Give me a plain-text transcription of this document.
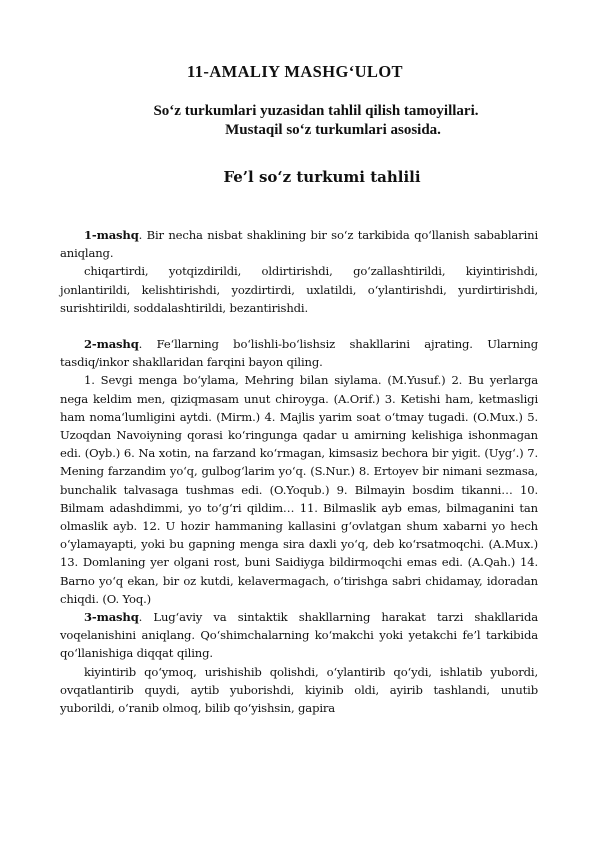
11-AMALIY MASHG‘ULOT
So‘z turkumlari yuzasidan tahlil qilish tamoyillari.
Mustaqil so‘z turkumlari asosida.
Fe’l so‘z turkumi tahlili

1-mashq. Bir necha nisbat shaklining bir so‘z tarkibida qo‘llanish sabablarini aniqlang.

chiqartirdi, yotqizdirildi, oldirtirishdi, go‘zallashtirildi, kiyintirishdi, jonlantirildi, kelishtirishdi, yozdirtirdi, uxlatildi, o‘ylantirishdi, yurdirtirishdi, surishtirildi, soddalashtirildi, bezantirishdi.

2-mashq. Fe‘llarning bo‘lishli-bo‘lishsiz shakllarini ajrating. Ularning tasdiq/inkor shakllaridan farqini bayon qiling.

1. Sevgi menga bo‘ylama, Mehring bilan siylama. (M.Yusuf.) 2. Bu yerlarga nega keldim men, qiziqmasam unut chiroyga. (A.Orif.) 3. Ketishi ham, ketmasligi ham noma‘lumligini aytdi. (Mirm.) 4. Majlis yarim soat o‘tmay tugadi. (O.Mux.) 5. Uzoqdan Navoiyning qorasi ko‘ringunga qadar u amirning kelishiga ishonmagan edi. (Oyb.) 6. Na xotin, na farzand ko‘rmagan, kimsasiz bechora bir yigit. (Uyg‘.) 7. Mening farzandim yo‘q, gulbog‘larim yo‘q. (S.Nur.) 8. Ertoyev bir nimani sezmasa, bunchalik talvasaga tushmas edi. (O.Yoqub.) 9. Bilmayin bosdim tikanni… 10. Bilmam adashdimmi, yo to‘g‘ri qildim… 11. Bilmaslik ayb emas, bilmaganini tan olmaslik ayb. 12. U hozir hammaning kallasini g‘ovlatgan shum xabarni yo hech o‘ylamayapti, yoki bu gapning menga sira daxli yo‘q, deb ko‘rsatmoqchi. (A.Mux.) 13. Domlaning yer olgani rost, buni Saidiyga bildirmoqchi emas edi. (A.Qah.) 14. Barno yo‘q ekan, bir oz kutdi, kelavermagach, o‘tirishga sabri chidamay, idoradan chiqdi. (O. Yoq.)

3-mashq. Lug‘aviy va sintaktik shakllarning harakat tarzi shakllarida voqelanishini aniqlang. Qo‘shimchalarning ko‘makchi yoki yetakchi fe’l tarkibida qo‘llanishiga diqqat qiling.

kiyintirib qo‘ymoq, urishishib qolishdi, o‘ylantirib qo‘ydi, ishlatib yubordi, ovqatlantirib quydi, aytib yuborishdi, kiyinib oldi, ayirib tashlandi, unutib yuborildi, o‘ranib olmoq, bilib qo‘yishsin, gapira
